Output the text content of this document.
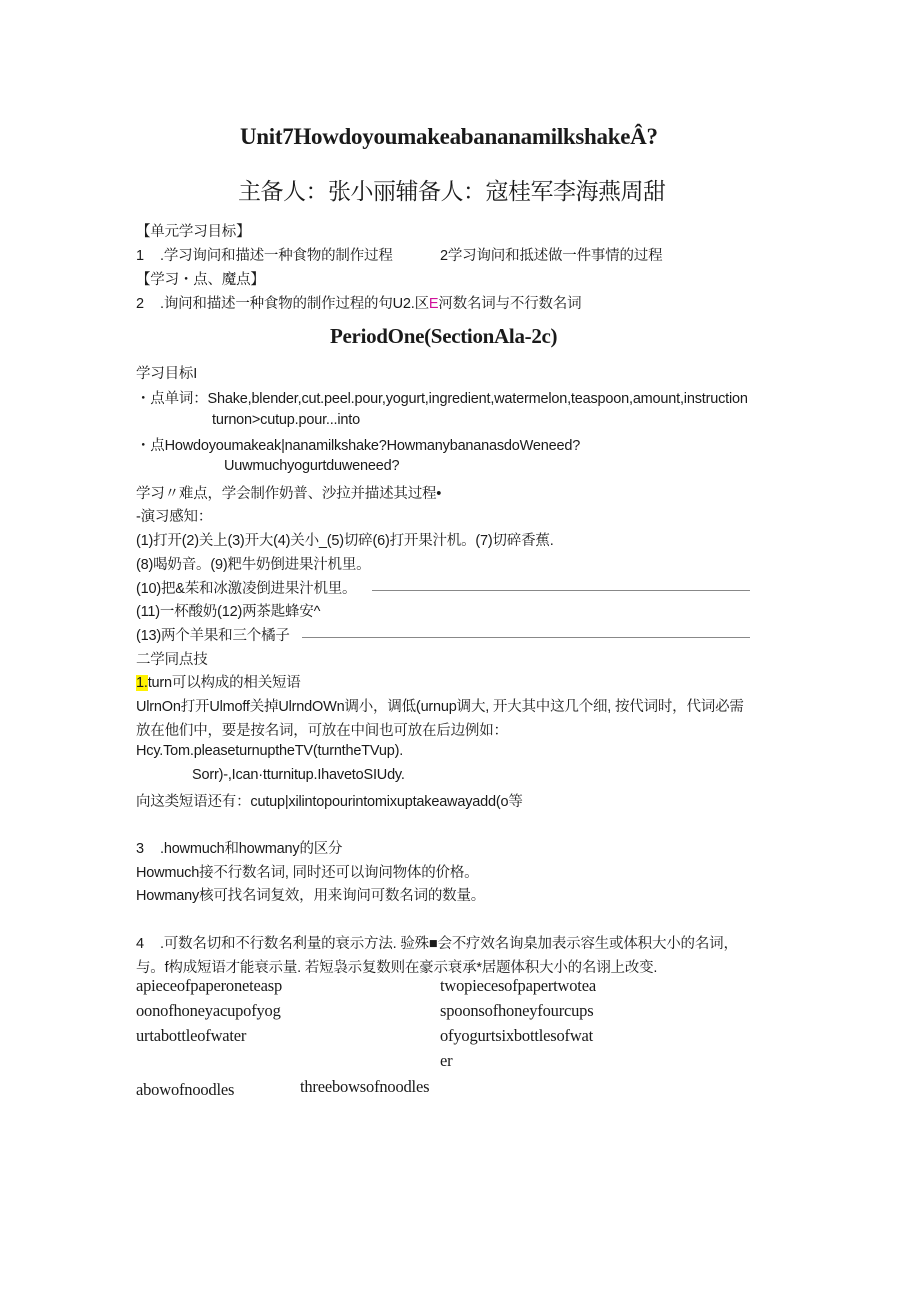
Unit7HowdoyoumakeabananamilkshakeÂ?
主备人：张小丽辅备人：寇桂军李海燕周甜
【单元学习目标】
1 .学习询问和描述一种食物的制作过程	2学习询问和抵述做一件事情的过程
【学习・点、魔点】
2 .询问和描述一种食物的制作过程的句U2.区E河数名词与不行数名词
PeriodOne(SectionAla-2c)
学习目标I
・点单词：Shake,blender,cut.peel.pour,yogurt,ingredient,watermelon,teaspoon,amount,instruction
turnon>cutup.pour...into
・点Howdoyoumakeak|nanamilkshake?HowmanybananasdoWeneed?
Uuwmuchyogurtduweneed?
学习〃难点，学会制作奶普、沙拉并描述其过程•
-演习感知：
(1)打开(2)关上(3)开大(4)关小_(5)切碎(6)打开果汁机。(7)切碎香蕉.
(8)喝奶音。(9)粑牛奶倒进果汁机里。
(10)把&茱和冰激凌倒进果汁机里。
(11)一杯酸奶(12)两茶匙蜂安^
(13)两个羊果和三个橘子
二学同点技
1.turn可以构成的相关短语
UlrnOn打开Ulmoff关掉UlrndOWn调小，调低(urnup调大, 开大其中这几个细, 按代词时，代词必需
放在他们中，要是按名词，可放在中间也可放在后边例如：
Hcy.Tom.pleaseturnuptheTV(turntheTVup).
Sorr)-,Ican·tturnitup.IhavetoSIUdy.
向这类短语还有：cutup|xilintopourintomixuptakeawayadd(o等
3 .howmuch和howmany的区分
Howmuch接不行数名词, 同时还可以询问物体的价格。
Howmany核可找名词复效，用来询问可数名词的数量。
4 .可数名切和不行数名利量的衰示方法. 验殊■会不疗效名询臬加表示容生或体积大小的名词，
与。f构成短语才能衰示量. 若短袅示复数则在豪示衰承*居题体积大小的名诩上改变.
apieceofpaperoneteasp
oonofhoneyacupofyog
urtabottleofwater
twopiecesofpapertwotea
spoonsofhoneyfourcups
ofyogurtsixbottlesofwat
er
abowofnoodles	threebowsofnoodles
